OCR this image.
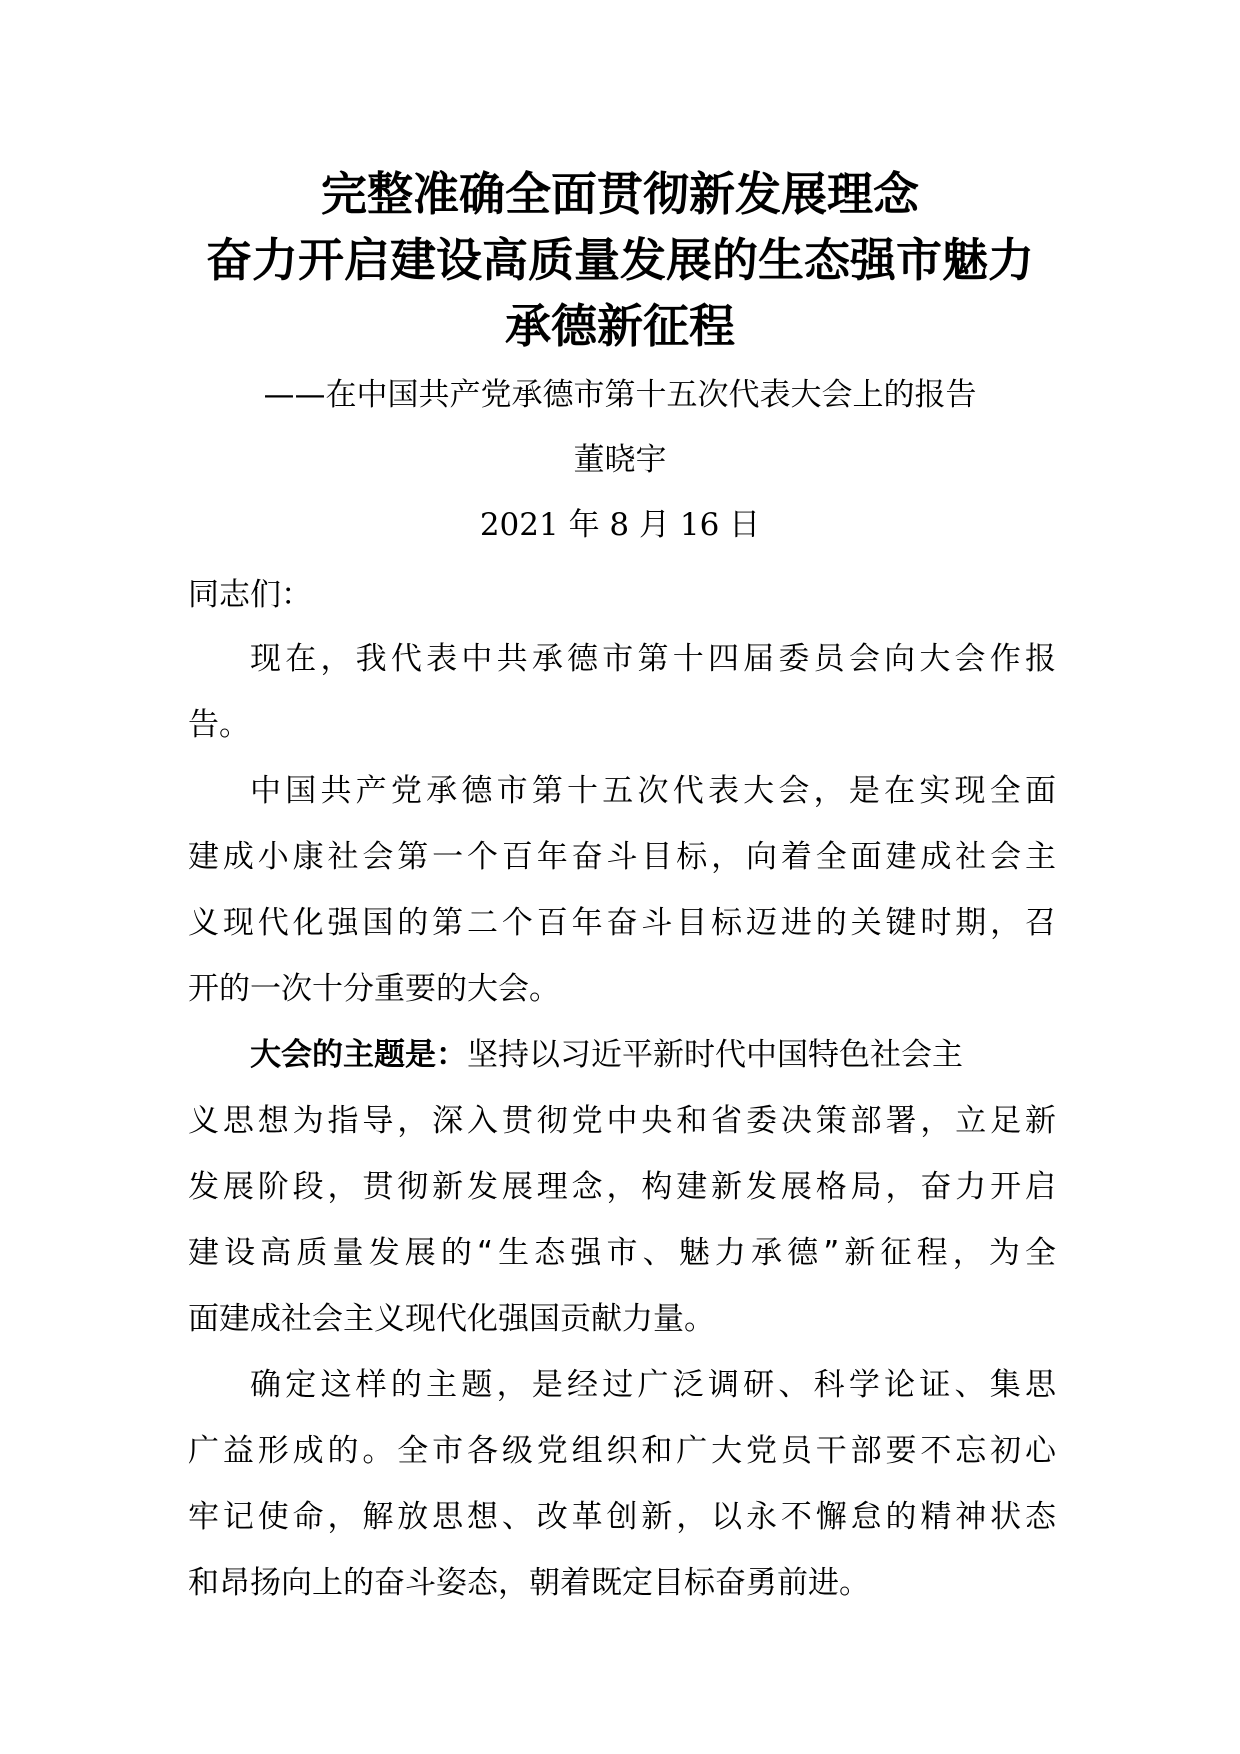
完整准确全面贯彻新发展理念
奋力开启建设高质量发展的生态强市魅力
承德新征程
——在中国共产党承德市第十五次代表大会上的报告
董晓宇
2021 年 8 月 16 日
同志们：
现在，我代表中共承德市第十四届委员会向大会作报
告。
中国共产党承德市第十五次代表大会，是在实现全面
建成小康社会第一个百年奋斗目标，向着全面建成社会主
义现代化强国的第二个百年奋斗目标迈进的关键时期，召
开的一次十分重要的大会。
大会的主题是：坚持以习近平新时代中国特色社会主
义思想为指导，深入贯彻党中央和省委决策部署，立足新
发展阶段，贯彻新发展理念，构建新发展格局，奋力开启
建设高质量发展的“生态强市、魅力承德”新征程，为全
面建成社会主义现代化强国贡献力量。
确定这样的主题，是经过广泛调研、科学论证、集思
广益形成的。全市各级党组织和广大党员干部要不忘初心
牢记使命，解放思想、改革创新，以永不懈怠的精神状态
和昂扬向上的奋斗姿态，朝着既定目标奋勇前进。
